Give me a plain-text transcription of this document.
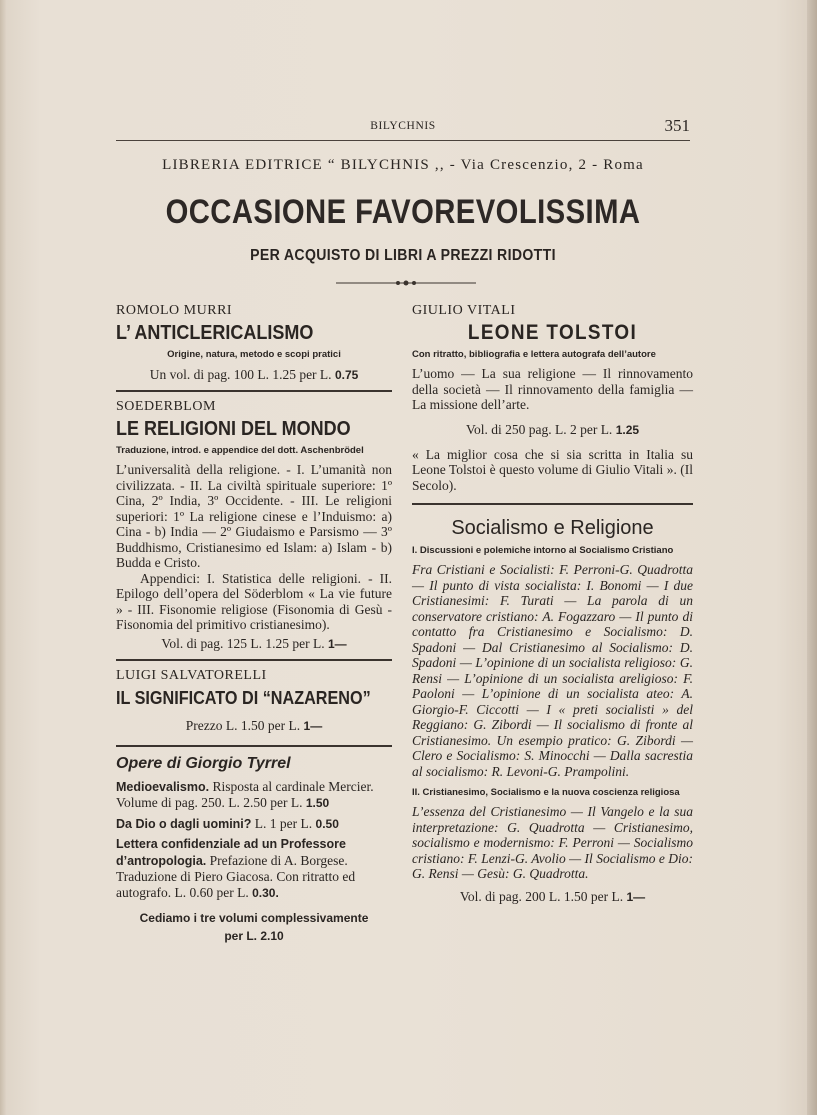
BILYCHNIS	351
LIBRERIA EDITRICE “ BILYCHNIS ,, - Via Crescenzio, 2 - Roma
OCCASIONE FAVOREVOLISSIMA
PER ACQUISTO DI LIBRI A PREZZI RIDOTTI

ROMOLO MURRI

L’ ANTICLERICALISMO

Origine, natura, metodo e scopi pratici

Un vol. di pag. 100 L. 1.25 per L. 0.75

SOEDERBLOM

LE RELIGIONI DEL MONDO

Traduzione, introd. e appendice del dott. Aschenbrödel

L’universalità della religione. - I. L’umanità non civilizzata. - II. La civiltà spirituale superiore: 1º Cina, 2º India, 3º Occidente. - III. Le religioni superiori: 1º La religione cinese e l’Induismo: a) Cina - b) India — 2º Giudaismo e Parsismo — 3º Buddhismo, Cristianesimo ed Islam: a) Islam - b) Budda e Cristo.

Appendici: I. Statistica delle religioni. - II. Epilogo dell’opera del Söderblom « La vie future » - III. Fisonomie religiose (Fisonomia di Gesù - Fisonomia del primitivo cristianesimo).

Vol. di pag. 125 L. 1.25 per L. 1—

LUIGI SALVATORELLI

IL SIGNIFICATO DI “NAZARENO”

Prezzo L. 1.50 per L. 1—

Opere di Giorgio Tyrrel

Medioevalismo. Risposta al cardinale Mercier. Volume di pag. 250. L. 2.50 per L. 1.50

Da Dio o dagli uomini? L. 1 per L. 0.50

Lettera confidenziale ad un Professore d’antropologia. Prefazione di A. Borgese. Traduzione di Piero Giacosa. Con ritratto ed autografo. L. 0.60 per L. 0.30.

Cediamo i tre volumi complessivamente
per L. 2.10

GIULIO VITALI

LEONE TOLSTOI

Con ritratto, bibliografia e lettera autografa dell’autore

L’uomo — La sua religione — Il rinnovamento della società — Il rinnovamento della famiglia — La missione dell’arte.

Vol. di 250 pag. L. 2 per L. 1.25

« La miglior cosa che si sia scritta in Italia su Leone Tolstoi è questo volume di Giulio Vitali ». (Il Secolo).

Socialismo e Religione

I. Discussioni e polemiche intorno al Socialismo Cristiano

Fra Cristiani e Socialisti: F. Perroni-G. Quadrotta — Il punto di vista socialista: I. Bonomi — I due Cristianesimi: F. Turati — La parola di un conservatore cristiano: A. Fogazzaro — Il punto di contatto fra Cristianesimo e Socialismo: D. Spadoni — Dal Cristianesimo al Socialismo: D. Spadoni — L’opinione di un socialista religioso: G. Rensi — L’opinione di un socialista areligioso: F. Paoloni — L’opinione di un socialista ateo: A. Giorgio-F. Ciccotti — I « preti socialisti » del Reggiano: G. Zibordi — Il socialismo di fronte al Cristianesimo. Un esempio pratico: G. Zibordi — Clero e Socialismo: S. Minocchi — Dalla sacrestia al socialismo: R. Levoni-G. Prampolini.

II. Cristianesimo, Socialismo e la nuova coscienza religiosa

L’essenza del Cristianesimo — Il Vangelo e la sua interpretazione: G. Quadrotta — Cristianesimo, socialismo e modernismo: F. Perroni — Socialismo cristiano: F. Lenzi-G. Avolio — Il Socialismo e Dio: G. Rensi — Gesù: G. Quadrotta.

Vol. di pag. 200 L. 1.50 per L. 1—
